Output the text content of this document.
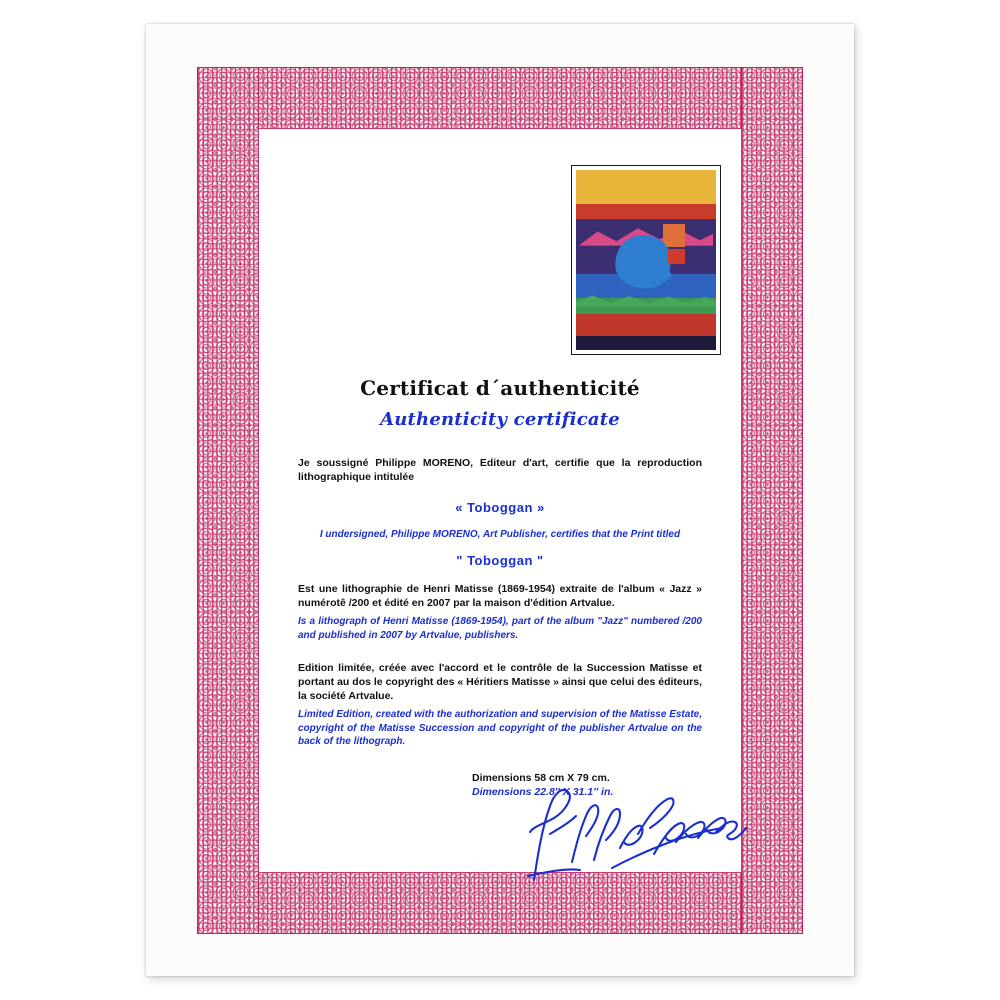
Certificat d´authenticité
Authenticity certificate
Je soussigné Philippe MORENO, Editeur d'art, certifie que la reproduction lithographique intitulée
« Toboggan »
I undersigned, Philippe MORENO, Art Publisher, certifies that the Print titled
" Toboggan "
Est une lithographie de Henri Matisse (1869-1954) extraite de l'album « Jazz » numérotê /200 et édité en 2007 par la maison d'édition Artvalue.
Is a lithograph of Henri Matisse (1869-1954), part of the album "Jazz" numbered /200 and published in 2007 by Artvalue, publishers.
Edition limitée, créée avec l'accord et le contrôle de la Succession Matisse et portant au dos le copyright des « Héritiers Matisse » ainsi que celui des éditeurs, la société Artvalue.
Limited Edition, created with the authorization and supervision of the Matisse Estate, copyright of the Matisse Succession and copyright of the publisher Artvalue on the back of the lithograph.
Dimensions 58 cm X 79 cm.
Dimensions 22.8'' X 31.1'' in.
